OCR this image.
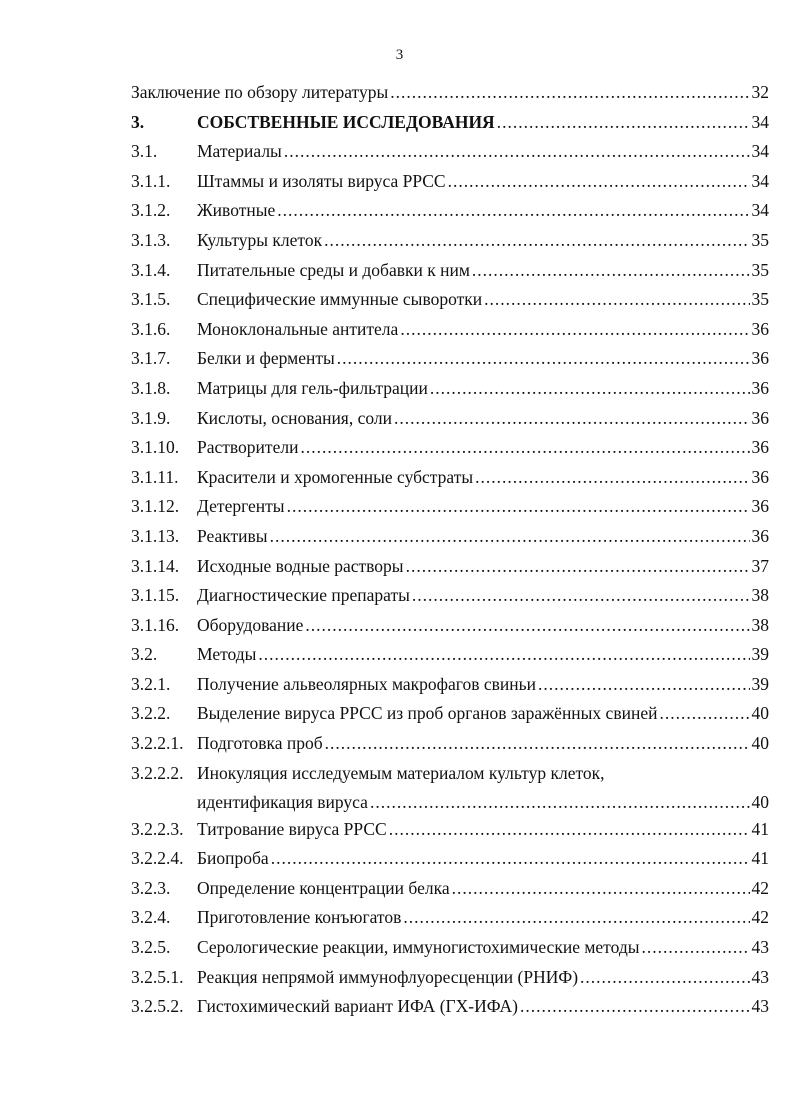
3
Заключение по обзору литературы .....	32
3.	СОБСТВЕННЫЕ ИССЛЕДОВАНИЯ .....	34
3.1. Материалы .....	34
3.1.1. Штаммы и изоляты вируса РРСС .....	34
3.1.2. Животные .....	34
3.1.3. Культуры клеток .....	35
3.1.4. Питательные среды и добавки к ним .....	35
3.1.5. Специфические иммунные сыворотки .....	35
3.1.6. Моноклональные антитела .....	36
3.1.7. Белки и ферменты .....	36
3.1.8. Матрицы для гель-фильтрации .....	36
3.1.9. Кислоты, основания, соли .....	36
3.1.10. Растворители .....	36
3.1.11. Красители и хромогенные субстраты .....	36
3.1.12. Детергенты .....	36
3.1.13. Реактивы .....	36
3.1.14. Исходные водные растворы .....	37
3.1.15. Диагностические препараты .....	38
3.1.16. Оборудование .....	38
3.2. Методы .....	39
3.2.1. Получение альвеолярных макрофагов свиньи .....	39
3.2.2. Выделение вируса РРСС из проб органов заражённых свиней .....	40
3.2.2.1. Подготовка проб .....	40
3.2.2.2. Инокуляция исследуемым материалом культур клеток,
идентификация вируса .....	40
3.2.2.3. Титрование вируса РРСС .....	41
3.2.2.4. Биопроба .....	41
3.2.3. Определение концентрации белка .....	42
3.2.4. Приготовление конъюгатов .....	42
3.2.5. Серологические реакции, иммуногистохимические методы .....	43
3.2.5.1. Реакция непрямой иммунофлуоресценции (РНИФ) .....	43
3.2.5.2. Гистохимический вариант ИФА (ГХ-ИФА) .....	43
